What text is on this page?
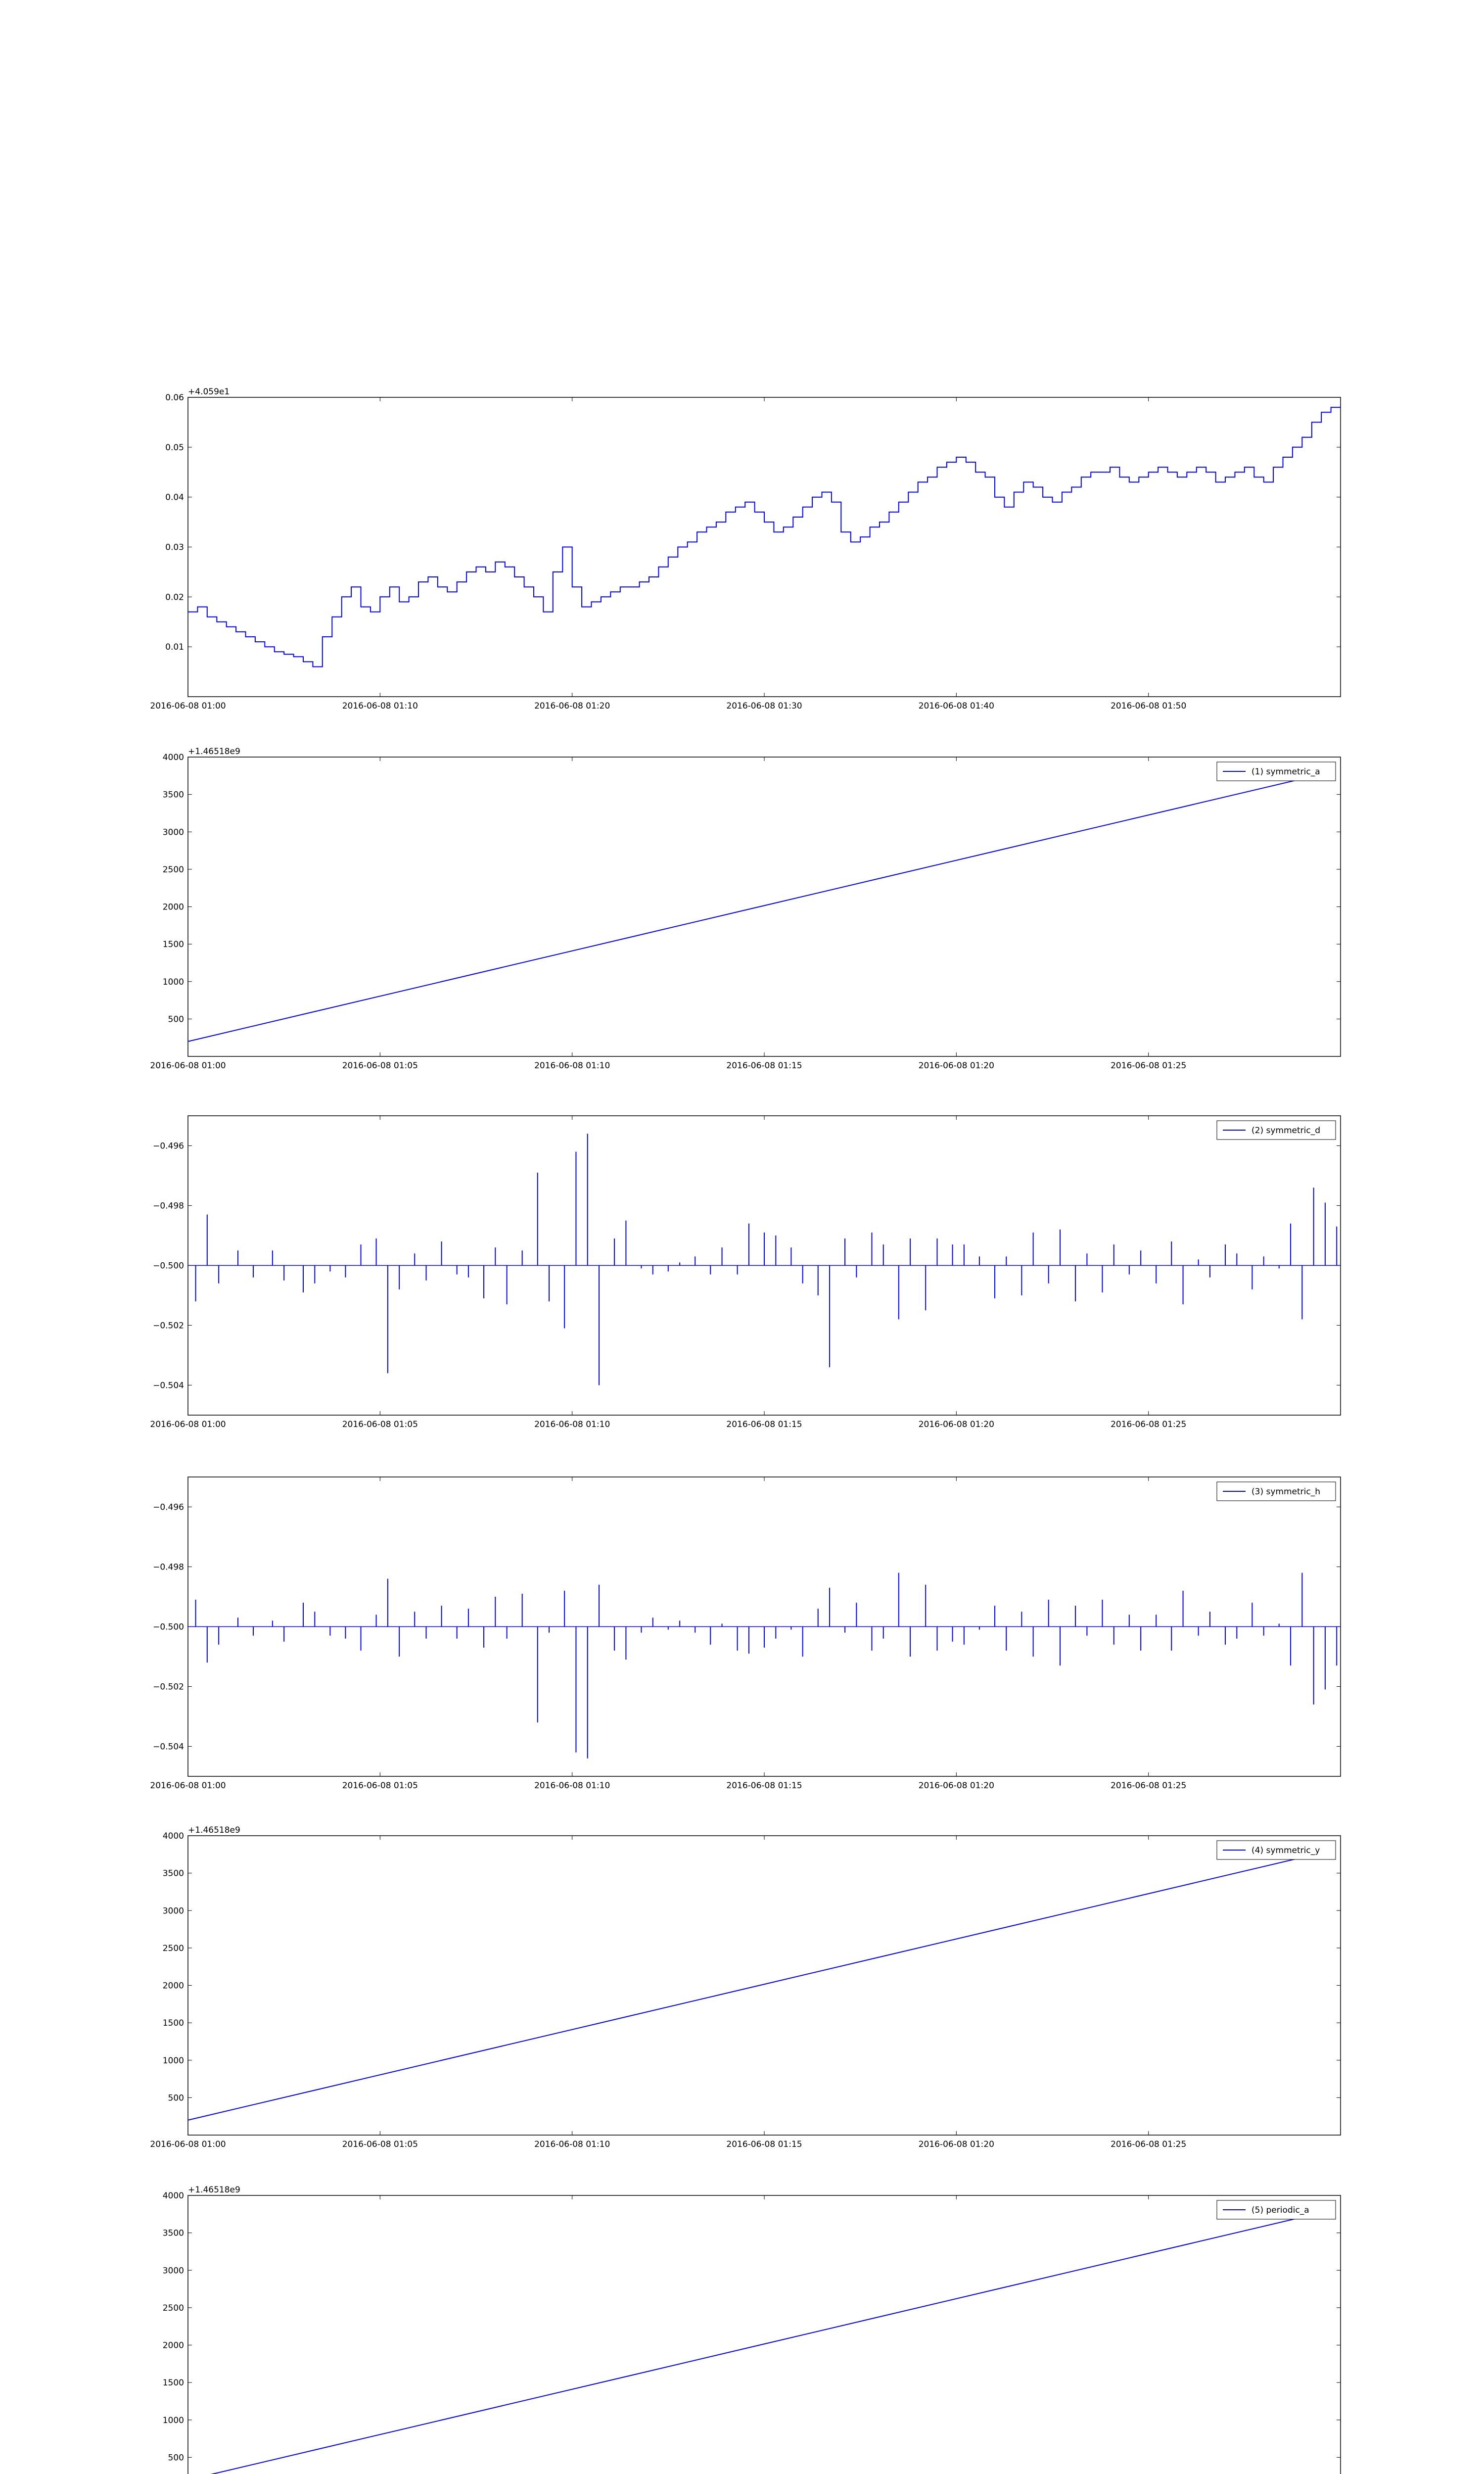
0.01
0.02
0.03
0.04
0.05
0.06
2016-06-08 01:00	2016-06-08 01:10	2016-06-08 01:20	2016-06-08 01:30	2016-06-08 01:40	2016-06-08 01:50
+4.059e1
500
1000
1500
2000
2500
3000
3500
4000
2016-06-08 01:00	2016-06-08 01:05	2016-06-08 01:10	2016-06-08 01:15	2016-06-08 01:20	2016-06-08 01:25
+1.46518e9
(1) symmetric_a
−0.504
−0.502
−0.500
−0.498
−0.496
2016-06-08 01:00	2016-06-08 01:05	2016-06-08 01:10	2016-06-08 01:15	2016-06-08 01:20	2016-06-08 01:25
(2) symmetric_d
−0.504
−0.502
−0.500
−0.498
−0.496
2016-06-08 01:00	2016-06-08 01:05	2016-06-08 01:10	2016-06-08 01:15	2016-06-08 01:20	2016-06-08 01:25
(3) symmetric_h
500
1000
1500
2000
2500
3000
3500
4000
2016-06-08 01:00	2016-06-08 01:05	2016-06-08 01:10	2016-06-08 01:15	2016-06-08 01:20	2016-06-08 01:25
+1.46518e9
(4) symmetric_y
500
1000
1500
2000
2500
3000
3500
4000
+1.46518e9
(5) periodic_a
